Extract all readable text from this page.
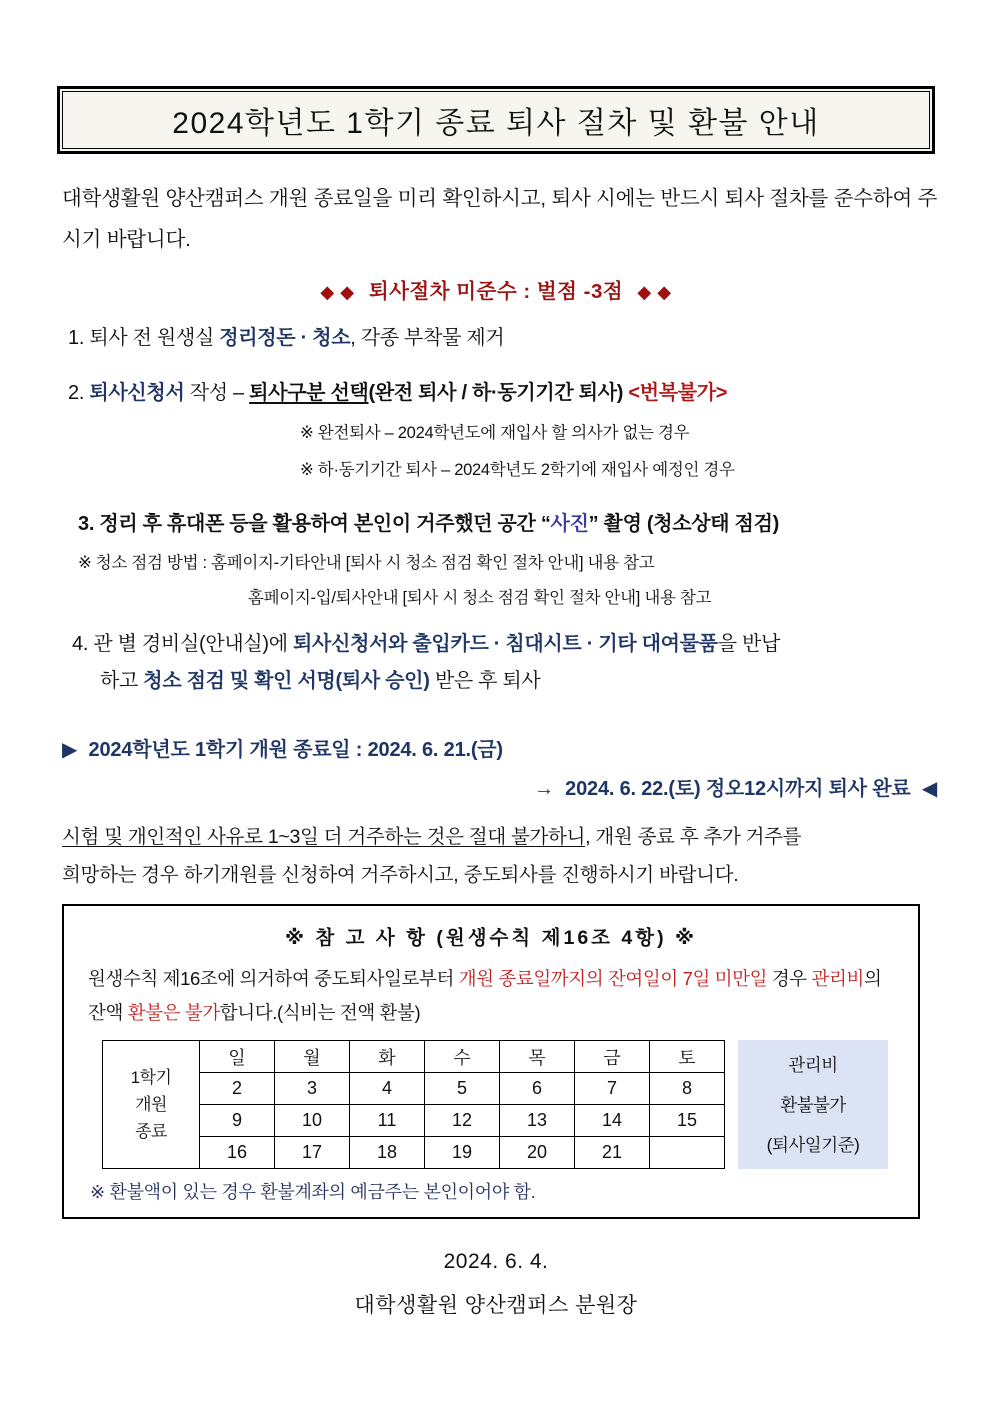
2024학년도 1학기 종료 퇴사 절차 및 환불 안내
대학생활원 양산캠퍼스 개원 종료일을 미리 확인하시고, 퇴사 시에는 반드시 퇴사 절차를 준수하여 주시기 바랍니다.
◆ ◆ 퇴사절차 미준수 : 벌점 -3점 ◆ ◆
1. 퇴사 전 원생실 정리정돈 · 청소, 각종 부착물 제거
2. 퇴사신청서 작성 – 퇴사구분 선택(완전 퇴사 / 하·동기기간 퇴사) <번복불가>
※ 완전퇴사 – 2024학년도에 재입사 할 의사가 없는 경우
※ 하·동기기간 퇴사 – 2024학년도 2학기에 재입사 예정인 경우
3. 정리 후 휴대폰 등을 활용하여 본인이 거주했던 공간 “사진” 촬영 (청소상태 점검)
※ 청소 점검 방법 : 홈페이지-기타안내 [퇴사 시 청소 점검 확인 절차 안내] 내용 참고
홈페이지-입/퇴사안내 [퇴사 시 청소 점검 확인 절차 안내] 내용 참고
4. 관 별 경비실(안내실)에 퇴사신청서와 출입카드 · 침대시트 · 기타 대여물품을 반납
하고 청소 점검 및 확인 서명(퇴사 승인) 받은 후 퇴사
▶ 2024학년도 1학기 개원 종료일 : 2024. 6. 21.(금)
→ 2024. 6. 22.(토) 정오12시까지 퇴사 완료 ◀
시험 및 개인적인 사유로 1~3일 더 거주하는 것은 절대 불가하니, 개원 종료 후 추가 거주를
희망하는 경우 하기개원를 신청하여 거주하시고, 중도퇴사를 진행하시기 바랍니다.
※ 참 고 사 항 (원생수칙 제16조 4항) ※
원생수칙 제16조에 의거하여 중도퇴사일로부터 개원 종료일까지의 잔여일이 7일 미만일 경우 관리비의 잔액 환불은 불가합니다.(식비는 전액 환불)
1학기
개원
종료	일	월	화	수	목	금	토
	2	3	4	5	6	7	8
	9	10	11	12	13	14	15
	16	17	18	19	20	21	
관리비
환불불가
(퇴사일기준)
※ 환불액이 있는 경우 환불계좌의 예금주는 본인이어야 함.
2024. 6. 4.
대학생활원 양산캠퍼스 분원장
